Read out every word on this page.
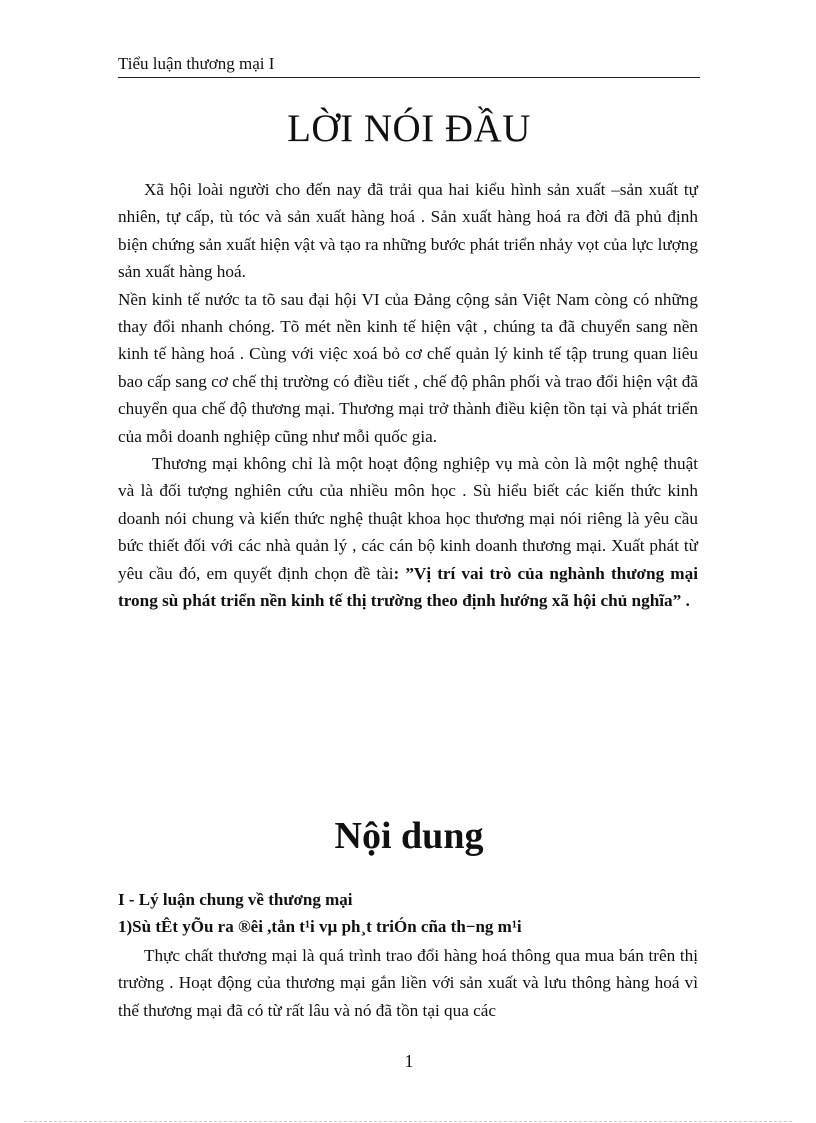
Tiểu luận thương mại I
LỜI NÓI ĐẦU

Xã hội loài người cho đến nay đã trải qua hai kiểu hình sản xuất –sản xuất tự nhiên, tự cấp, tù tóc và sản xuất hàng hoá . Sản xuất hàng hoá ra đời đã phủ định biện chứng sản xuất hiện vật và tạo ra những bước phát triển nhảy vọt của lực lượng sản xuất hàng hoá.

Nền kinh tế nước ta tõ sau đại hội VI của Đảng cộng sản Việt Nam còng có những thay đổi nhanh chóng. Tõ mét nền kinh tế hiện vật , chúng ta đã chuyển sang nền kinh tế hàng hoá . Cùng với việc xoá bỏ cơ chế quản lý kinh tế tập trung quan liêu bao cấp sang cơ chế thị trường có điều tiết , chế độ phân phối và trao đổi hiện vật đã chuyển qua chế độ thương mại. Thương mại trở thành điều kiện tồn tại và phát triển của mỗi doanh nghiệp cũng như mỗi quốc gia.

Thương mại không chỉ là một hoạt động nghiệp vụ mà còn là một nghệ thuật và là đối tượng nghiên cứu của nhiều môn học . Sù hiểu biết các kiến thức kinh doanh nói chung và kiến thức nghệ thuật khoa học thương mại nói riêng là yêu cầu bức thiết đối với các nhà quản lý , các cán bộ kinh doanh thương mại. Xuất phát từ yêu cầu đó, em quyết định chọn đề tài: ”Vị trí vai trò của nghành thương mại trong sù phát triển nền kinh tế thị trường theo định hướng xã hội chủ nghĩa” .

Nội dung
I - Lý luận chung về thương mại
1)Sù tÊt yÕu ra ®êi ,tån t¹i vµ ph¸t triÓn cña th−ng m¹i

Thực chất thương mại là quá trình trao đổi hàng hoá thông qua mua bán trên thị trường . Hoạt động của thương mại gắn liền với sản xuất và lưu thông hàng hoá vì thế thương mại đã có từ rất lâu và nó đã tồn tại qua các

1
